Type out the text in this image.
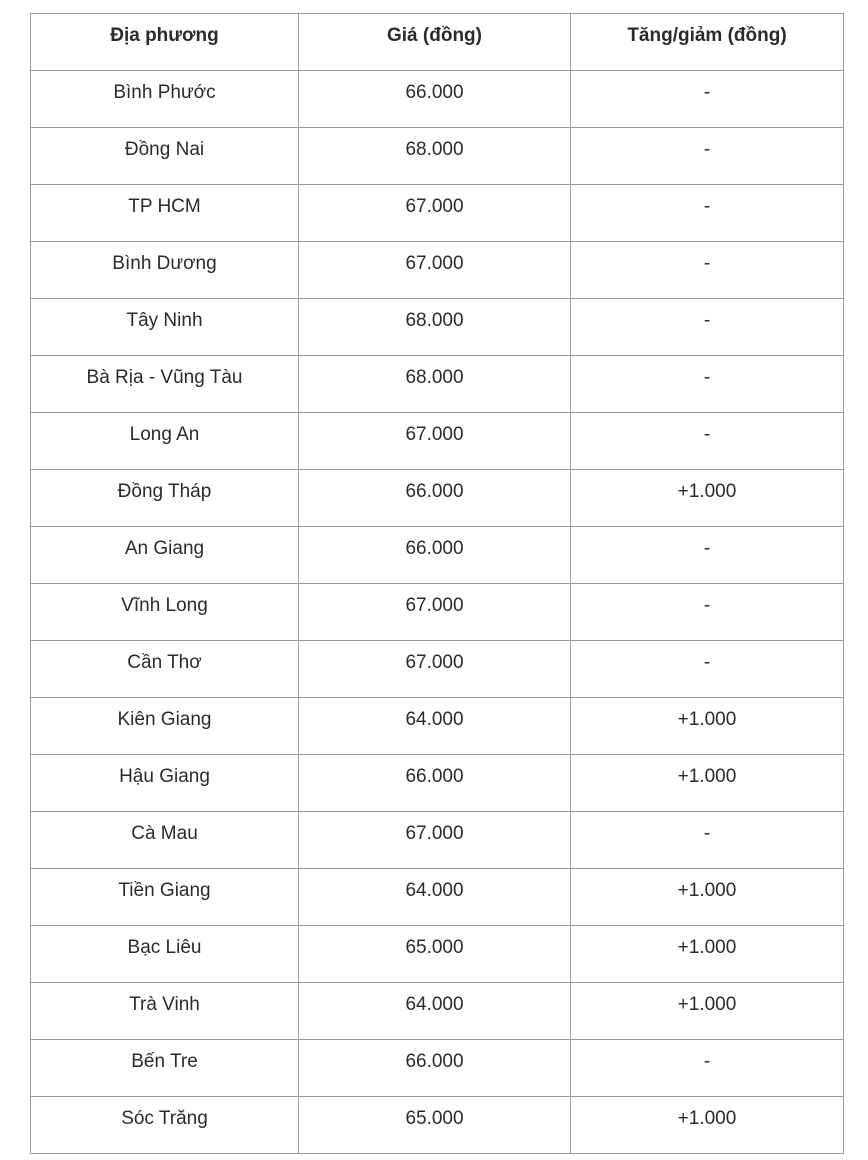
Địa phương	Giá (đồng)	Tăng/giảm (đồng)
Bình Phước	66.000	-
Đồng Nai	68.000	-
TP HCM	67.000	-
Bình Dương	67.000	-
Tây Ninh	68.000	-
Bà Rịa - Vũng Tàu	68.000	-
Long An	67.000	-
Đồng Tháp	66.000	+1.000
An Giang	66.000	-
Vĩnh Long	67.000	-
Cần Thơ	67.000	-
Kiên Giang	64.000	+1.000
Hậu Giang	66.000	+1.000
Cà Mau	67.000	-
Tiền Giang	64.000	+1.000
Bạc Liêu	65.000	+1.000
Trà Vinh	64.000	+1.000
Bến Tre	66.000	-
Sóc Trăng	65.000	+1.000
